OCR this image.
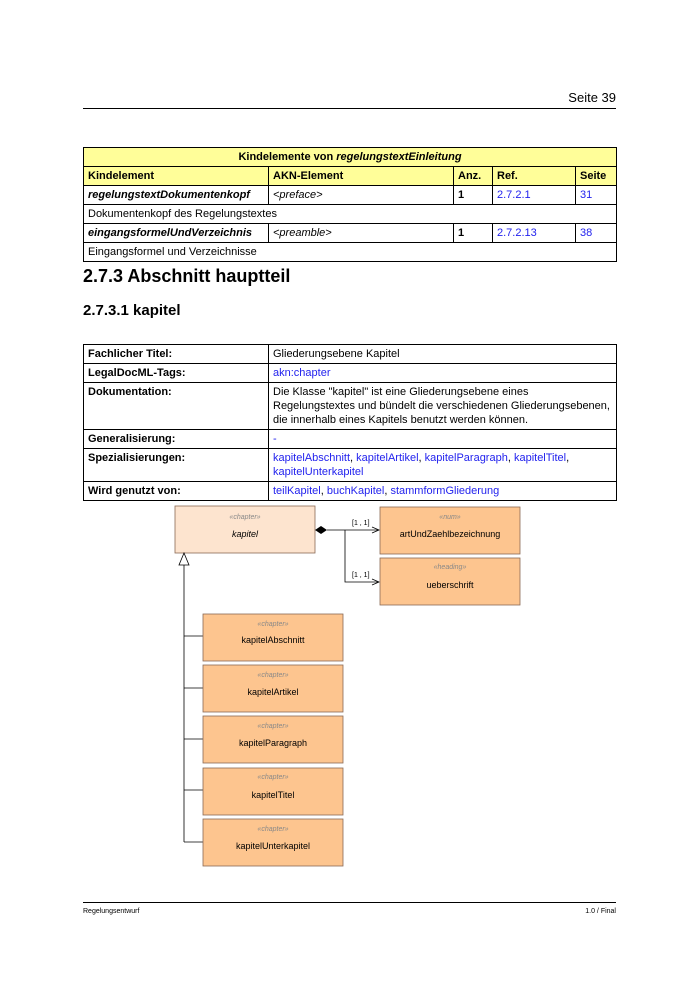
Seite 39
Kindelemente von regelungstextEinleitung				
Kindelement	AKN-Element	Anz.	Ref.	Seite
regelungstextDokumentenkopf	<preface>	1	2.7.2.1	31
Dokumentenkopf des Regelungstextes				
eingangsformelUndVerzeichnis	<preamble>	1	2.7.2.13	38
Eingangsformel und Verzeichnisse				
2.7.3 Abschnitt hauptteil
2.7.3.1 kapitel
Fachlicher Titel:	Gliederungsebene Kapitel
LegalDocML-Tags:	akn:chapter
Dokumentation:	Die Klasse "kapitel" ist eine Gliederungsebene eines Regelungstextes und bündelt die verschiedenen Gliederungsebenen, die innerhalb eines Kapitels benutzt werden können.
Generalisierung:	-
Spezialisierungen:	kapitelAbschnitt, kapitelArtikel, kapitelParagraph, kapitelTitel, kapitelUnterkapitel
Wird genutzt von:	teilKapitel, buchKapitel, stammformGliederung
«chapter»
kapitel
[1 , 1]
[1 , 1]
«num»
artUndZaehlbezeichnung
«heading»
ueberschrift
«chapter»
kapitelAbschnitt
«chapter»
kapitelArtikel
«chapter»
kapitelParagraph
«chapter»
kapitelTitel
«chapter»
kapitelUnterkapitel
Regelungsentwurf	1.0 / Final
